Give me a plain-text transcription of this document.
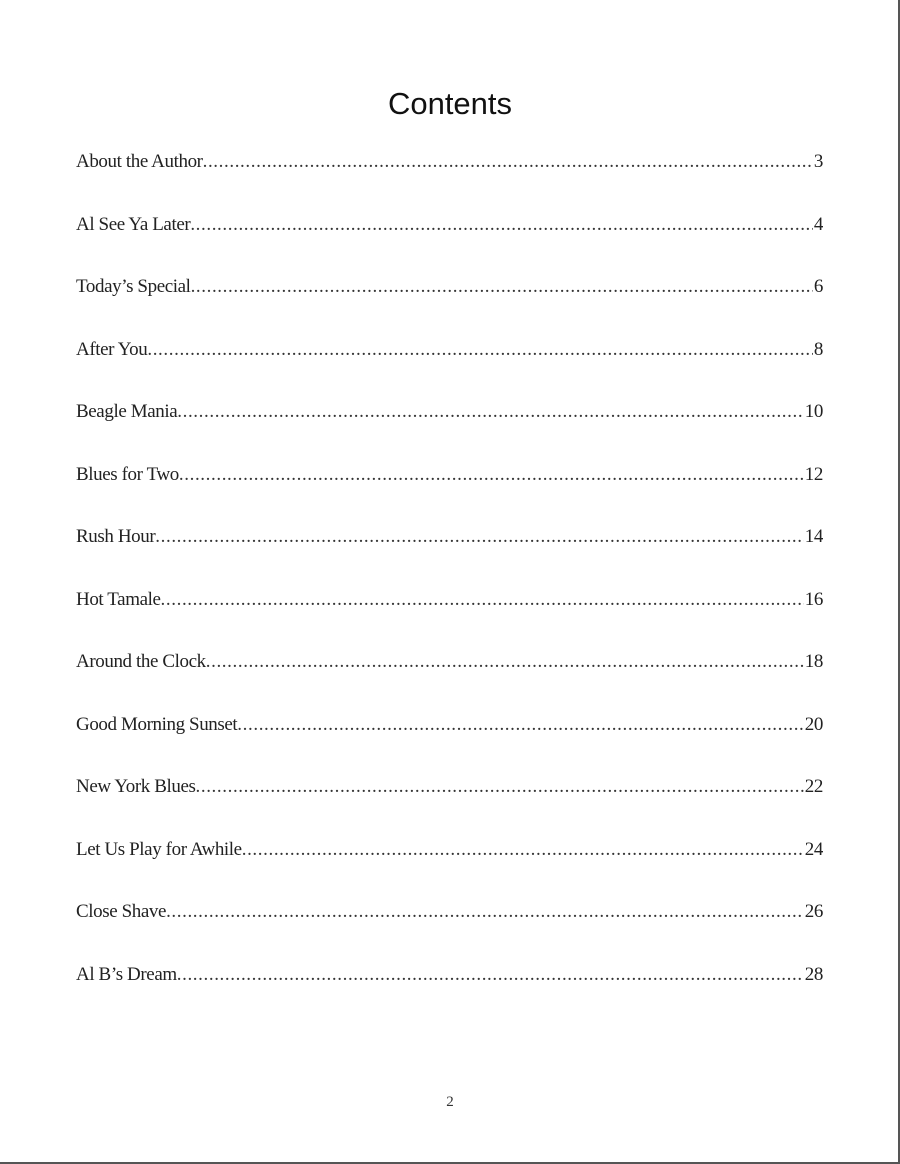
Contents
About the Author .....	3
Al See Ya Later .....	4
Today’s Special .....	6
After You .....	8
Beagle Mania .....	10
Blues for Two .....	12
Rush Hour .....	14
Hot Tamale .....	16
Around the Clock .....	18
Good Morning Sunset .....	20
New York Blues .....	22
Let Us Play for Awhile .....	24
Close Shave .....	26
Al B’s Dream .....	28
2
